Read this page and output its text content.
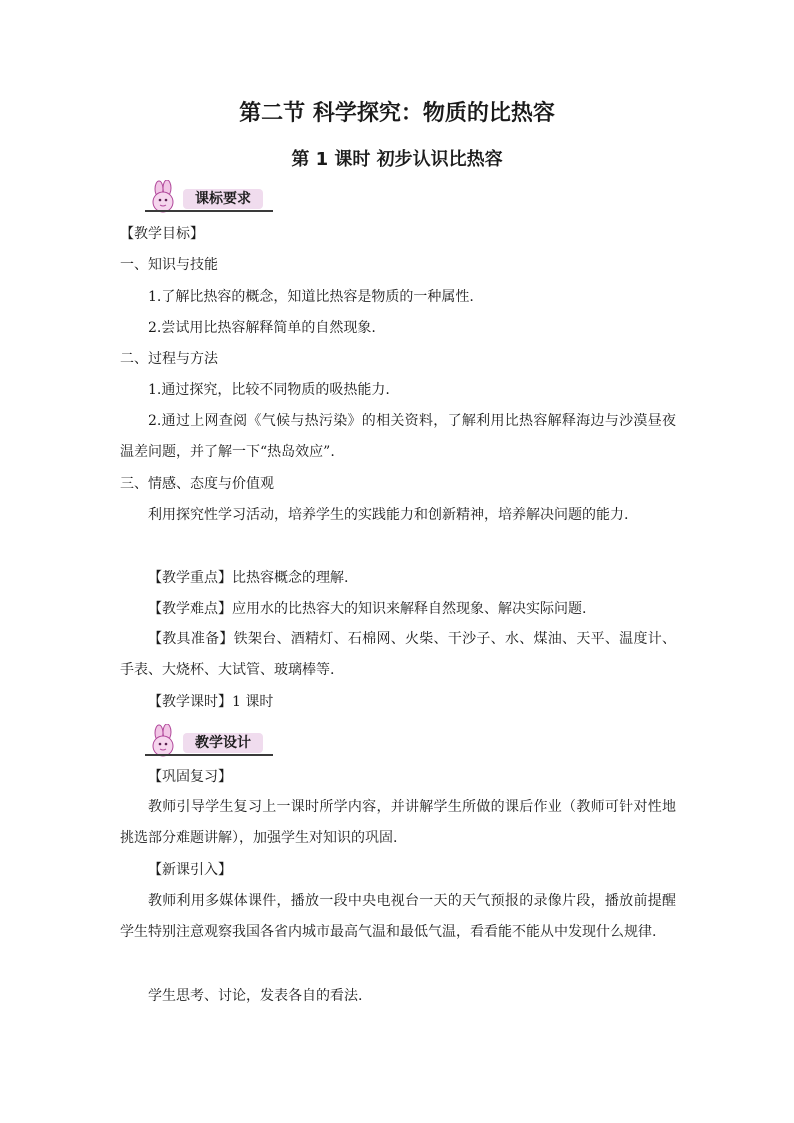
第二节 科学探究：物质的比热容
第 1 课时 初步认识比热容
课标要求
【教学目标】
一、知识与技能
1.了解比热容的概念，知道比热容是物质的一种属性.
2.尝试用比热容解释简单的自然现象.
二、过程与方法
1.通过探究，比较不同物质的吸热能力.
2.通过上网查阅《气候与热污染》的相关资料，了解利用比热容解释海边与沙漠昼夜温差问题，并了解一下“热岛效应”.
三、情感、态度与价值观
利用探究性学习活动，培养学生的实践能力和创新精神，培养解决问题的能力.
【教学重点】比热容概念的理解.
【教学难点】应用水的比热容大的知识来解释自然现象、解决实际问题.
【教具准备】铁架台、酒精灯、石棉网、火柴、干沙子、水、煤油、天平、温度计、手表、大烧杯、大试管、玻璃棒等.
【教学课时】1 课时
教学设计
【巩固复习】
教师引导学生复习上一课时所学内容，并讲解学生所做的课后作业（教师可针对性地挑选部分难题讲解），加强学生对知识的巩固.
【新课引入】
教师利用多媒体课件，播放一段中央电视台一天的天气预报的录像片段，播放前提醒学生特别注意观察我国各省内城市最高气温和最低气温，看看能不能从中发现什么规律.
学生思考、讨论，发表各自的看法.
